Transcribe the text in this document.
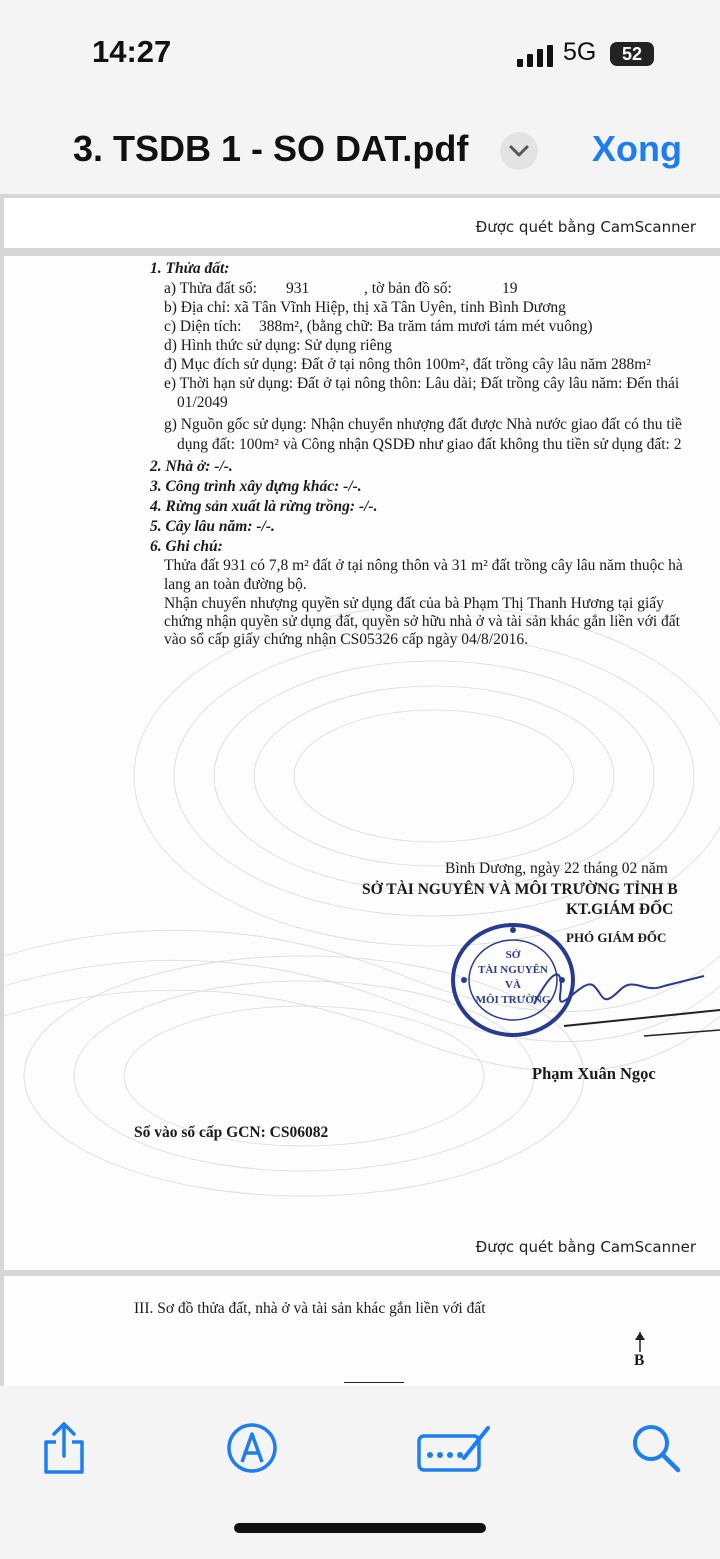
14:27	5G	52
3. TSDB 1 - SO DAT.pdf	Xong
Được quét bằng CamScanner
1. Thửa đất:
a) Thửa đất số: 931	, tờ bản đồ số:	19
b) Địa chỉ: xã Tân Vĩnh Hiệp, thị xã Tân Uyên, tỉnh Bình Dương
c) Diện tích: 388m², (bằng chữ: Ba trăm tám mươi tám mét vuông)
d) Hình thức sử dụng: Sử dụng riêng
đ) Mục đích sử dụng: Đất ở tại nông thôn 100m², đất trồng cây lâu năm 288m²
e) Thời hạn sử dụng: Đất ở tại nông thôn: Lâu dài; Đất trồng cây lâu năm: Đến thái
01/2049
g) Nguồn gốc sử dụng: Nhận chuyển nhượng đất được Nhà nước giao đất có thu tiề
dụng đất: 100m² và Công nhận QSDĐ như giao đất không thu tiền sử dụng đất: 2
2. Nhà ở: -/-.
3. Công trình xây dựng khác: -/-.
4. Rừng sản xuất là rừng trồng: -/-.
5. Cây lâu năm: -/-.
6. Ghi chú:
Thửa đất 931 có 7,8 m² đất ở tại nông thôn và 31 m² đất trồng cây lâu năm thuộc hà
lang an toàn đường bộ.
Nhận chuyển nhượng quyền sử dụng đất của bà Phạm Thị Thanh Hương tại giấy
chứng nhận quyền sử dụng đất, quyền sở hữu nhà ở và tài sản khác gắn liền với đất
vào sổ cấp giấy chứng nhận CS05326 cấp ngày 04/8/2016.
Bình Dương, ngày 22 tháng 02 năm
SỞ TÀI NGUYÊN VÀ MÔI TRƯỜNG TỈNH B
KT.GIÁM ĐỐC
PHÓ GIÁM ĐỐC
SỞ
TÀI NGUYÊN
VÀ
MÔI TRƯỜNG
Phạm Xuân Ngọc
Số vào sổ cấp GCN: CS06082
Được quét bằng CamScanner
III. Sơ đồ thửa đất, nhà ở và tài sản khác gắn liền với đất
B
